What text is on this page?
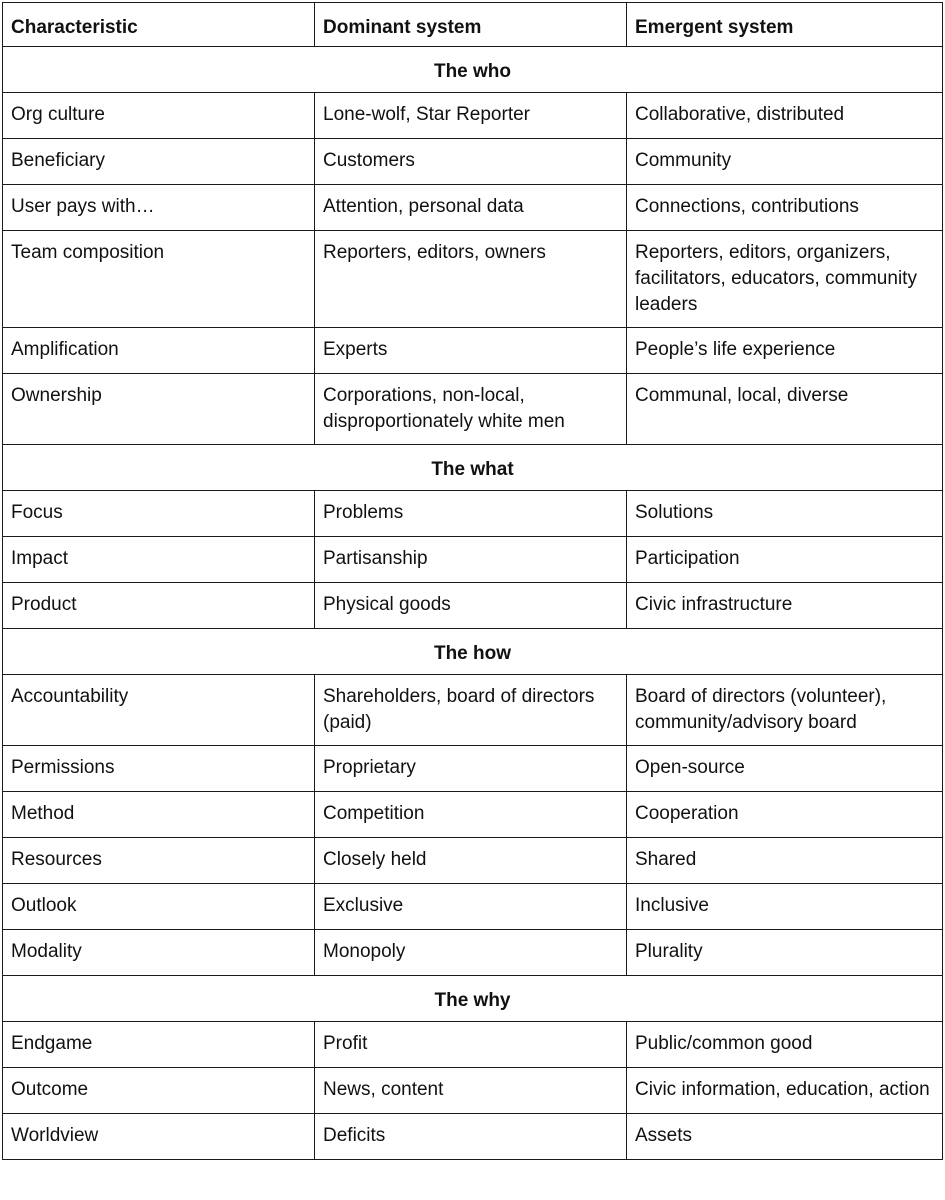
Characteristic	Dominant system	Emergent system
The who		
Org culture	Lone-wolf, Star Reporter	Collaborative, distributed
Beneficiary	Customers	Community
User pays with…	Attention, personal data	Connections, contributions
Team composition	Reporters, editors, owners	Reporters, editors, organizers, facilitators, educators, community leaders
Amplification	Experts	People’s life experience
Ownership	Corporations, non-local, disproportionately white men	Communal, local, diverse
The what		
Focus	Problems	Solutions
Impact	Partisanship	Participation
Product	Physical goods	Civic infrastructure
The how		
Accountability	Shareholders, board of directors (paid)	Board of directors (volunteer), community/advisory board
Permissions	Proprietary	Open-source
Method	Competition	Cooperation
Resources	Closely held	Shared
Outlook	Exclusive	Inclusive
Modality	Monopoly	Plurality
The why		
Endgame	Profit	Public/common good
Outcome	News, content	Civic information, education, action
Worldview	Deficits	Assets
